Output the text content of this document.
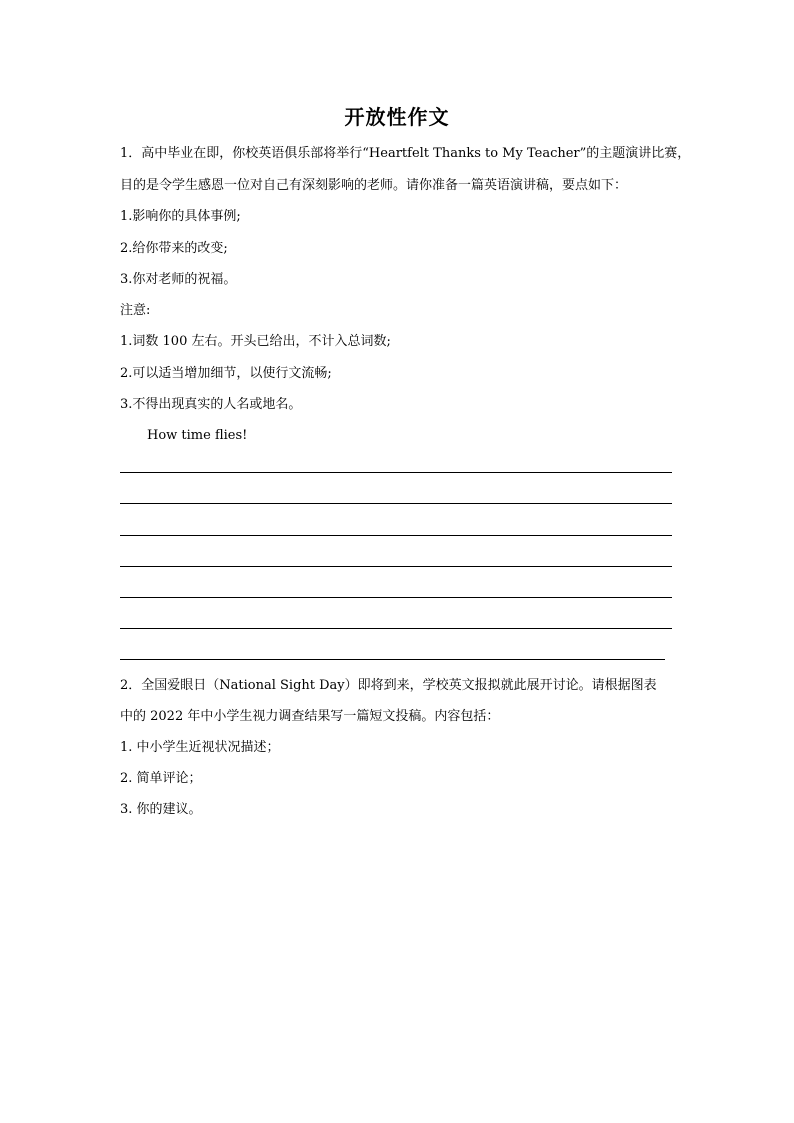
开放性作文
1．高中毕业在即，你校英语俱乐部将举行“Heartfelt Thanks to My Teacher”的主题演讲比赛，
目的是令学生感恩一位对自己有深刻影响的老师。请你准备一篇英语演讲稿，要点如下：
1.影响你的具体事例;
2.给你带来的改变;
3.你对老师的祝福。
注意:
1.词数 100 左右。开头已给出，不计入总词数;
2.可以适当增加细节，以使行文流畅;
3.不得出现真实的人名或地名。
How time flies!
2．全国爱眼日（National Sight Day）即将到来，学校英文报拟就此展开讨论。请根据图表
中的 2022 年中小学生视力调查结果写一篇短文投稿。内容包括：
1. 中小学生近视状况描述；
2. 简单评论；
3. 你的建议。
